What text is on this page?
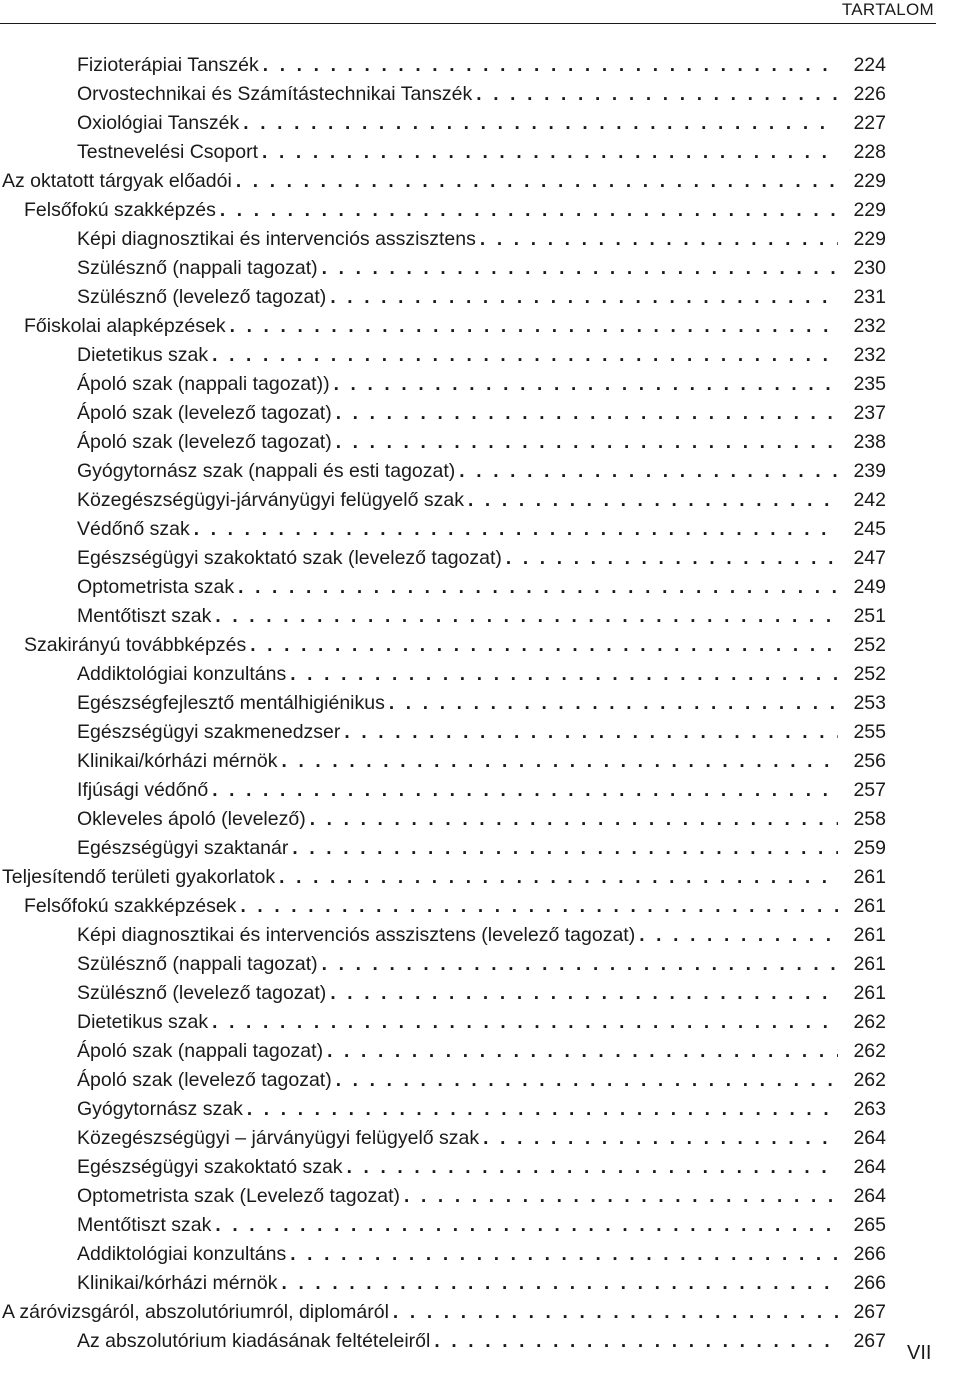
TARTALOM
Fizioterápiai Tanszék . . .	224
Orvostechnikai és Számítástechnikai Tanszék . . .	226
Oxiológiai Tanszék . . .	227
Testnevelési Csoport . . .	228
Az oktatott tárgyak előadói . . .	229
Felsőfokú szakképzés . . .	229
Képi diagnosztikai és intervenciós asszisztens . . .	229
Szülésznő (nappali tagozat) . . .	230
Szülésznő (levelező tagozat) . . .	231
Főiskolai alapképzések . . .	232
Dietetikus szak . . .	232
Ápoló szak (nappali tagozat)) . . .	235
Ápoló szak (levelező tagozat) . . .	237
Ápoló szak (levelező tagozat) . . .	238
Gyógytornász szak (nappali és esti tagozat) . . .	239
Közegészségügyi-járványügyi felügyelő szak . . .	242
Védőnő szak . . .	245
Egészségügyi szakoktató szak (levelező tagozat) . . .	247
Optometrista szak . . .	249
Mentőtiszt szak . . .	251
Szakirányú továbbképzés . . .	252
Addiktológiai konzultáns . . .	252
Egészségfejlesztő mentálhigiénikus . . .	253
Egészségügyi szakmenedzser . . .	255
Klinikai/kórházi mérnök . . .	256
Ifjúsági védőnő . . .	257
Okleveles ápoló (levelező) . . .	258
Egészségügyi szaktanár . . .	259
Teljesítendő területi gyakorlatok . . .	261
Felsőfokú szakképzések . . .	261
Képi diagnosztikai és intervenciós asszisztens (levelező tagozat) . . .	261
Szülésznő (nappali tagozat) . . .	261
Szülésznő (levelező tagozat) . . .	261
Dietetikus szak . . .	262
Ápoló szak (nappali tagozat) . . .	262
Ápoló szak (levelező tagozat) . . .	262
Gyógytornász szak . . .	263
Közegészségügyi – járványügyi felügyelő szak . . .	264
Egészségügyi szakoktató szak . . .	264
Optometrista szak (Levelező tagozat) . . .	264
Mentőtiszt szak . . .	265
Addiktológiai konzultáns . . .	266
Klinikai/kórházi mérnök . . .	266
A záróvizsgáról, abszolutóriumról, diplomáról . . .	267
Az abszolutórium kiadásának feltételeiről . . .	267
VII
